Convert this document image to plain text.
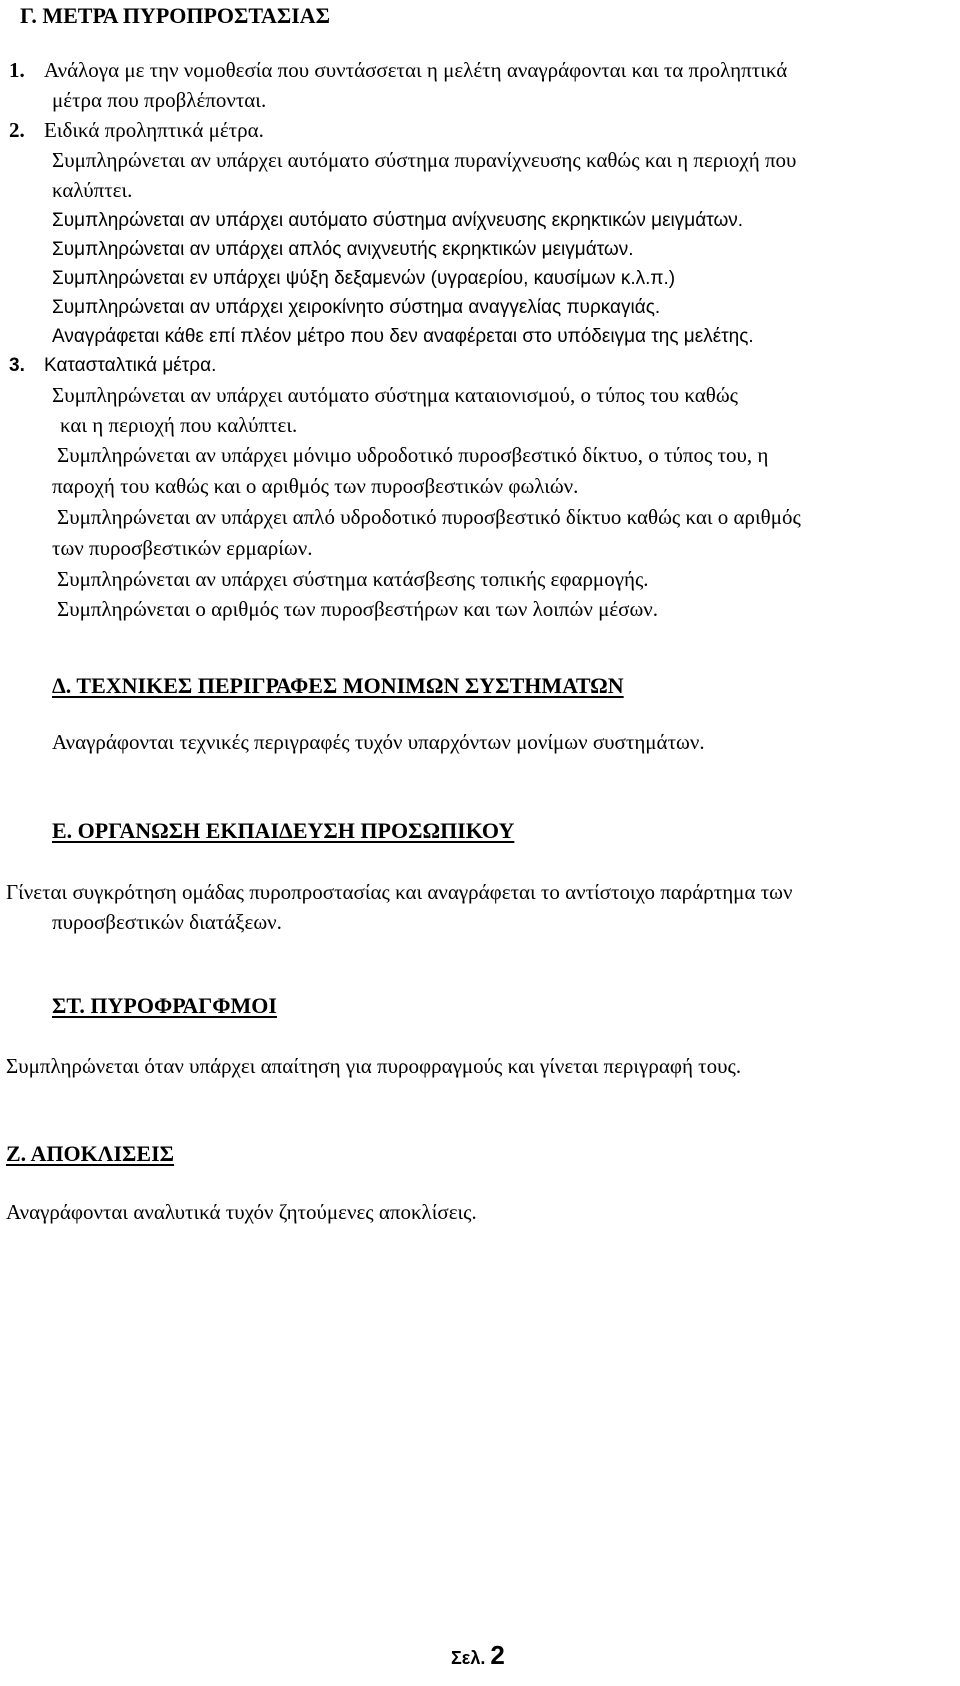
Γ. ΜΕΤΡΑ ΠΥΡΟΠΡΟΣΤΑΣΙΑΣ
1. Ανάλογα με την νομοθεσία που συντάσσεται η μελέτη αναγράφονται και τα προληπτικά
μέτρα που προβλέπονται.
2. Ειδικά προληπτικά μέτρα.
Συμπληρώνεται αν υπάρχει αυτόματο σύστημα πυρανίχνευσης καθώς και η περιοχή που
καλύπτει.
Συμπληρώνεται αν υπάρχει αυτόματο σύστημα ανίχνευσης εκρηκτικών μειγμάτων.
Συμπληρώνεται αν υπάρχει απλός ανιχνευτής εκρηκτικών μειγμάτων.
Συμπληρώνεται εν υπάρχει ψύξη δεξαμενών (υγραερίου, καυσίμων κ.λ.π.)
Συμπληρώνεται αν υπάρχει χειροκίνητο σύστημα αναγγελίας πυρκαγιάς.
Αναγράφεται κάθε επί πλέον μέτρο που δεν αναφέρεται στο υπόδειγμα της μελέτης.
3. Κατασταλτικά μέτρα.
Συμπληρώνεται αν υπάρχει αυτόματο σύστημα καταιονισμού, ο τύπος του καθώς
και η περιοχή που καλύπτει.
Συμπληρώνεται αν υπάρχει μόνιμο υδροδοτικό πυροσβεστικό δίκτυο, ο τύπος του, η
παροχή του καθώς και ο αριθμός των πυροσβεστικών φωλιών.
Συμπληρώνεται αν υπάρχει απλό υδροδοτικό πυροσβεστικό δίκτυο καθώς και ο αριθμός
των πυροσβεστικών ερμαρίων.
Συμπληρώνεται αν υπάρχει σύστημα κατάσβεσης τοπικής εφαρμογής.
Συμπληρώνεται ο αριθμός των πυροσβεστήρων και των λοιπών μέσων.
Δ. ΤΕΧΝΙΚΕΣ ΠΕΡΙΓΡΑΦΕΣ ΜΟΝΙΜΩΝ ΣΥΣΤΗΜΑΤΩΝ
Αναγράφονται τεχνικές περιγραφές τυχόν υπαρχόντων μονίμων συστημάτων.
Ε. ΟΡΓΑΝΩΣΗ ΕΚΠΑΙΔΕΥΣΗ ΠΡΟΣΩΠΙΚΟΥ
Γίνεται συγκρότηση ομάδας πυροπροστασίας και αναγράφεται το αντίστοιχο παράρτημα των
πυροσβεστικών διατάξεων.
ΣΤ. ΠΥΡΟΦΡΑΓΦΜΟΙ
Συμπληρώνεται όταν υπάρχει απαίτηση για πυροφραγμούς και γίνεται περιγραφή τους.
Ζ. ΑΠΟΚΛΙΣΕΙΣ
Αναγράφονται αναλυτικά τυχόν ζητούμενες αποκλίσεις.
Σελ. 2
